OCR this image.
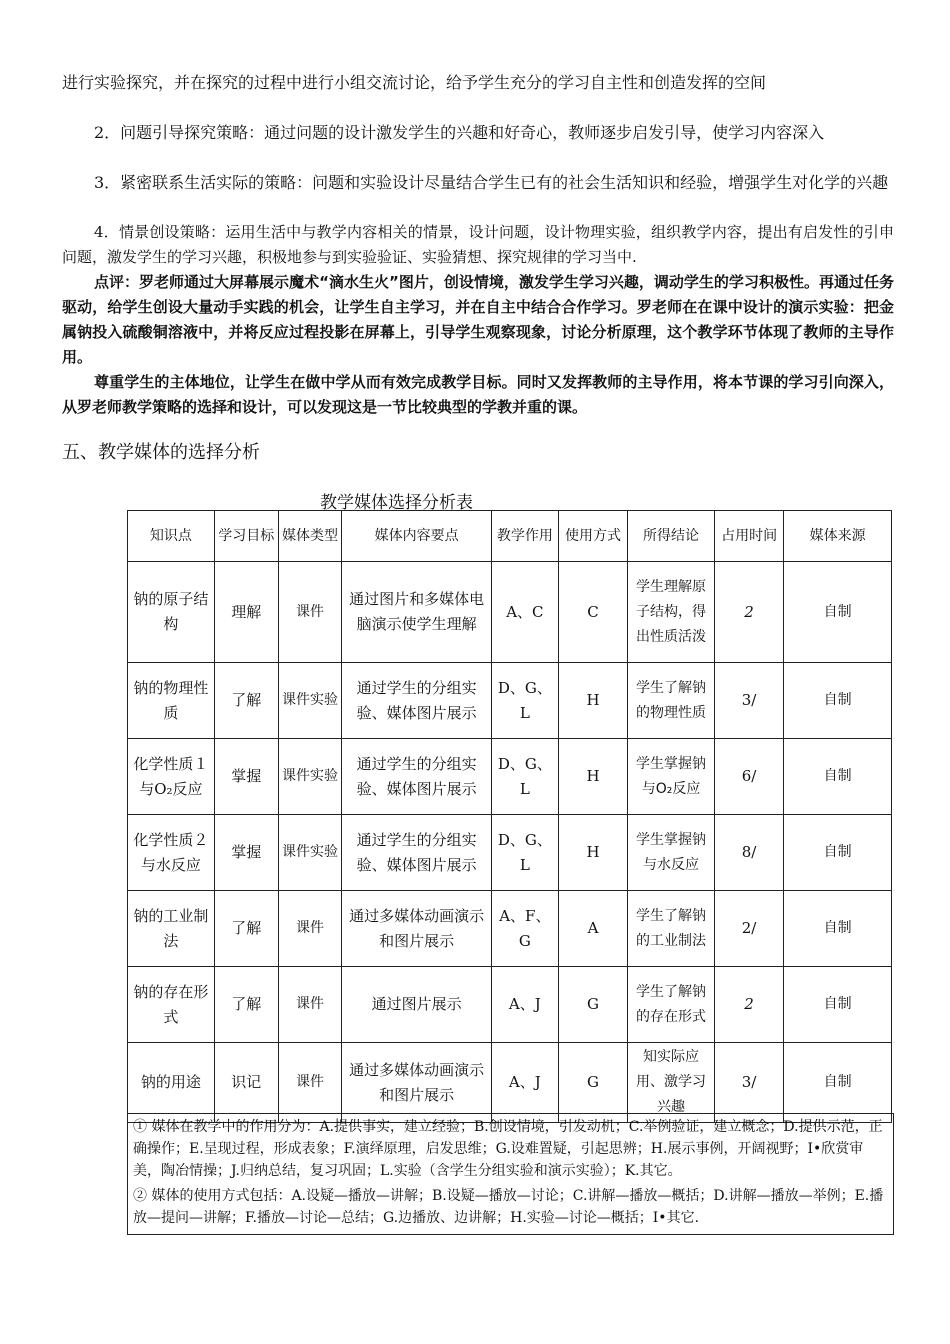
进行实验探究，并在探究的过程中进行小组交流讨论，给予学生充分的学习自主性和创造发挥的空间

2．问题引导探究策略：通过问题的设计激发学生的兴趣和好奇心，教师逐步启发引导，使学习内容深入

3．紧密联系生活实际的策略：问题和实验设计尽量结合学生已有的社会生活知识和经验，增强学生对化学的兴趣

4．情景创设策略：运用生活中与教学内容相关的情景，设计问题，设计物理实验，组织教学内容，提出有启发性的引申问题，激发学生的学习兴趣，积极地参与到实验验证、实验猜想、探究规律的学习当中.

点评：罗老师通过大屏幕展示魔术“滴水生火”图片，创设情境，激发学生学习兴趣，调动学生的学习积极性。再通过任务驱动，给学生创设大量动手实践的机会，让学生自主学习，并在自主中结合合作学习。罗老师在在课中设计的演示实验：把金属钠投入硫酸铜溶液中，并将反应过程投影在屏幕上，引导学生观察现象，讨论分析原理，这个教学环节体现了教师的主导作用。

尊重学生的主体地位，让学生在做中学从而有效完成教学目标。同时又发挥教师的主导作用，将本节课的学习引向深入，从罗老师教学策略的选择和设计，可以发现这是一节比较典型的学教并重的课。

五、教学媒体的选择分析
教学媒体选择分析表
知识点	学习目标	媒体类型	媒体内容要点	教学作用	使用方式	所得结论	占用时间	媒体来源
钠的原子结构	理解	课件	通过图片和多媒体电脑演示使学生理解	A、C	C	学生理解原子结构，得出性质活泼	2	自制
钠的物理性质	了解	课件实验	通过学生的分组实验、媒体图片展示	D、G、L	H	学生了解钠的物理性质	3/	自制
化学性质１与O₂反应	掌握	课件实验	通过学生的分组实验、媒体图片展示	D、G、L	H	学生掌握钠与O₂反应	6/	自制
化学性质２与水反应	掌握	课件实验	通过学生的分组实验、媒体图片展示	D、G、L	H	学生掌握钠与水反应	8/	自制
钠的工业制法	了解	课件	通过多媒体动画演示和图片展示	A、F、G	A	学生了解钠的工业制法	2/	自制
钠的存在形式	了解	课件	通过图片展示	A、J	G	学生了解钠的存在形式	2	自制
钠的用途	识记	课件	通过多媒体动画演示和图片展示	A、J	G	知实际应用、激学习兴趣	3/	自制
① 媒体在教学中的作用分为：A.提供事实，建立经验；B.创设情境，引发动机；C.举例验证，建立概念；D.提供示范，正确操作；E.呈现过程，形成表象；F.演绎原理，启发思维；G.设难置疑，引起思辨；H.展示事例，开阔视野；I•欣赏审美，陶冶情操；J.归纳总结，复习巩固；L.实验（含学生分组实验和演示实验）；K.其它。
② 媒体的使用方式包括：A.设疑—播放—讲解；B.设疑—播放—讨论；C.讲解—播放—概括；D.讲解—播放—举例；E.播放—提问—讲解；F.播放—讨论—总结；G.边播放、边讲解；H.实验—讨论—概括；I•其它.
